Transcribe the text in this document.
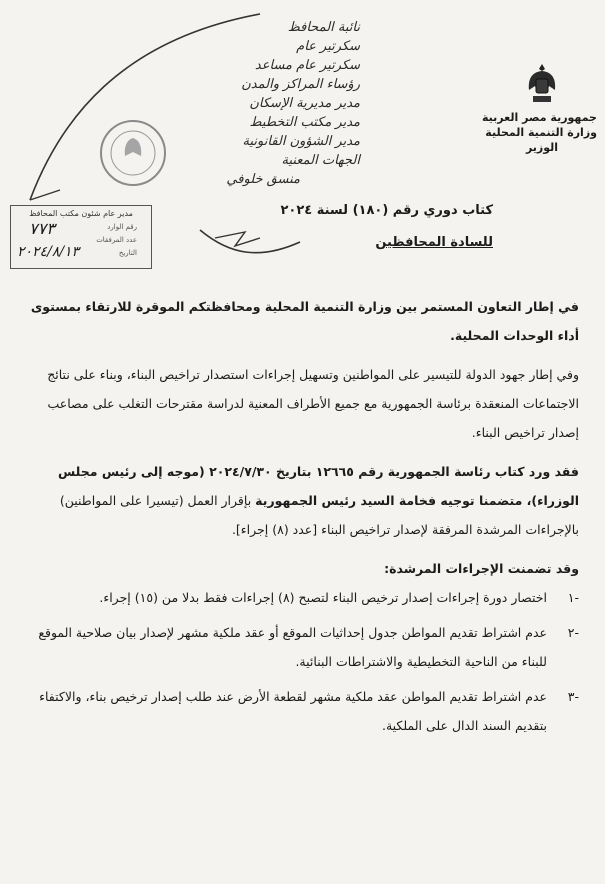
جمهورية مصر العربية
وزارة التنمية المحلية
الوزير
نائبة المحافظ
سكرتير عام
سكرتير عام مساعد
رؤساء المراكز والمدن
مدير مديرية الإسكان
مدير مكتب التخطيط
مدير الشؤون القانونية
الجهات المعنية
منسق خلوفي
مدير عام شئون مكتب المحافظ
رقم الوارد
عدد المرفقات
التاريخ
٧٧٣
٢٠٢٤/٨/١٣
كتاب دوري رقم (١٨٠) لسنة ٢٠٢٤
للسادة المحافظين

في إطار التعاون المستمر بين وزارة التنمية المحلية ومحافظتكم الموقرة للارتقاء بمستوى أداء الوحدات المحلية.

وفي إطار جهود الدولة للتيسير على المواطنين وتسهيل إجراءات استصدار تراخيص البناء، وبناء على نتائج الاجتماعات المنعقدة برئاسة الجمهورية مع جميع الأطراف المعنية لدراسة مقترحات التغلب على مصاعب إصدار تراخيص البناء.

فقد ورد كتاب رئاسة الجمهورية رقم ١٢٦٦٥ بتاريخ ٢٠٢٤/٧/٣٠ (موجه إلى رئيس مجلس الوزراء)، متضمنا توجيه فخامة السيد رئيس الجمهورية بإقرار العمل (تيسيرا على المواطنين) بالإجراءات المرشدة المرفقة لإصدار تراخيص البناء [عدد (٨) إجراء].

وقد تضمنت الإجراءات المرشدة:

-١
اختصار دورة إجراءات إصدار ترخيص البناء لتصبح (٨) إجراءات فقط بدلا من (١٥) إجراء.
-٢
عدم اشتراط تقديم المواطن جدول إحداثيات الموقع أو عقد ملكية مشهر لإصدار بيان صلاحية الموقع للبناء من الناحية التخطيطية والاشتراطات البنائية.
-٣
عدم اشتراط تقديم المواطن عقد ملكية مشهر لقطعة الأرض عند طلب إصدار ترخيص بناء، والاكتفاء بتقديم السند الدال على الملكية.
